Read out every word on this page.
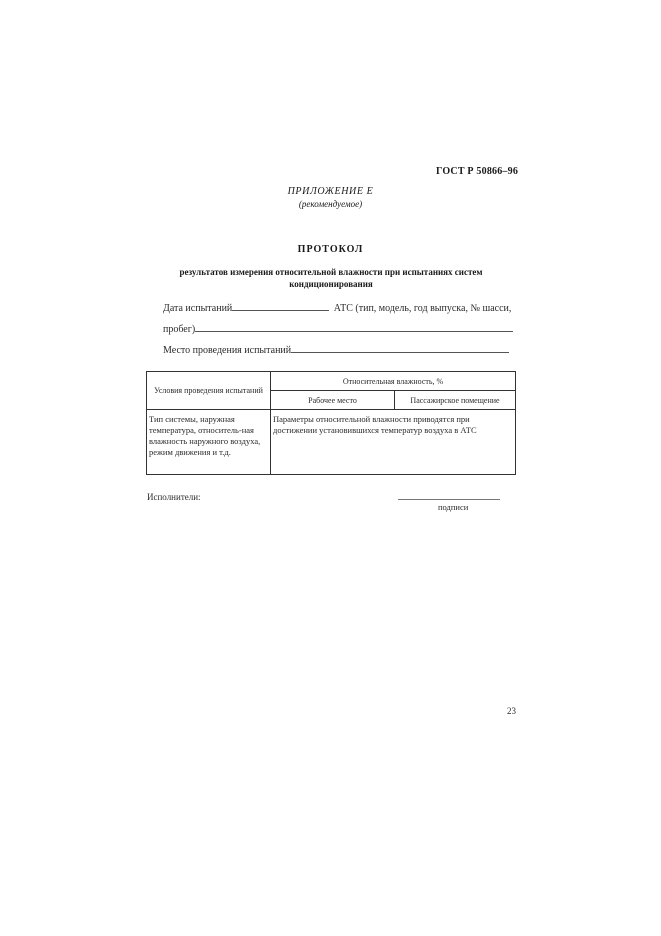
ГОСТ Р 50866–96
ПРИЛОЖЕНИЕ Е
(рекомендуемое)
ПРОТОКОЛ
результатов измерения относительной влажности при испытаниях систем кондиционирования
Дата испытаний	АТС (тип, модель, год выпуска, № шасси,
пробег)
Место проведения испытаний
Условия проведения испытаний	Относительная влажность, %	
	Рабочее место	Пассажирское помещение
Тип системы, наружная температура, относитель-ная влажность наружного воздуха, режим движения и т.д.	Параметры относительной влажности приводятся при достижении установившихся температур воздуха в АТС	
Исполнители:
подписи
23
